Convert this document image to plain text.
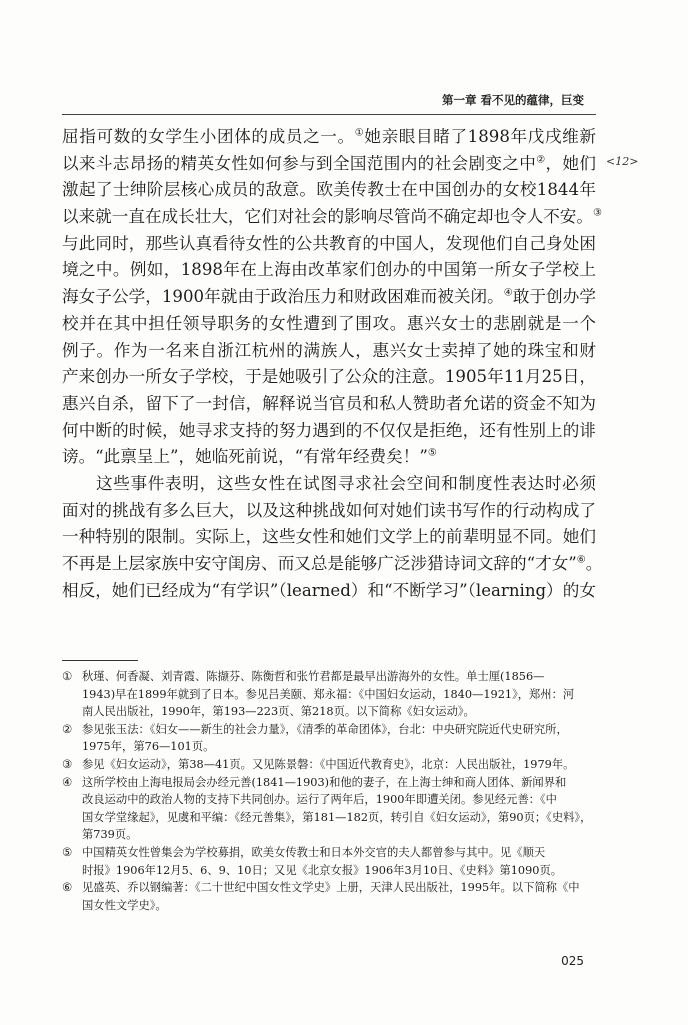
第一章 看不见的蕴律，巨变
<12>
屈指可数的女学生小团体的成员之一。①她亲眼目睹了1898年戊戌维新
以来斗志昂扬的精英女性如何参与到全国范围内的社会剧变之中②，她们
激起了士绅阶层核心成员的敌意。欧美传教士在中国创办的女校1844年
以来就一直在成长壮大，它们对社会的影响尽管尚不确定却也令人不安。③
与此同时，那些认真看待女性的公共教育的中国人，发现他们自己身处困
境之中。例如，1898年在上海由改革家们创办的中国第一所女子学校上
海女子公学，1900年就由于政治压力和财政困难而被关闭。④敢于创办学
校并在其中担任领导职务的女性遭到了围攻。惠兴女士的悲剧就是一个
例子。作为一名来自浙江杭州的满族人，惠兴女士卖掉了她的珠宝和财
产来创办一所女子学校，于是她吸引了公众的注意。1905年11月25日，
惠兴自杀，留下了一封信，解释说当官员和私人赞助者允诺的资金不知为
何中断的时候，她寻求支持的努力遇到的不仅仅是拒绝，还有性别上的诽
谤。“此禀呈上”，她临死前说，“有常年经费矣！”⑤
这些事件表明，这些女性在试图寻求社会空间和制度性表达时必须
面对的挑战有多么巨大，以及这种挑战如何对她们读书写作的行动构成了
一种特别的限制。实际上，这些女性和她们文学上的前辈明显不同。她们
不再是上层家族中安守闺房、而又总是能够广泛涉猎诗词文辞的“才女”⑥。
相反，她们已经成为“有学识”（learned）和“不断学习”（learning）的女
① 秋瑾、何香凝、刘青霞、陈撷芬、陈衡哲和张竹君都是最早出游海外的女性。单士厘(1856—
1943)早在1899年就到了日本。参见吕美颐、郑永福：《中国妇女运动，1840—1921》，郑州：河
南人民出版社，1990年，第193—223页、第218页。以下简称《妇女运动》。
② 参见张玉法：《妇女——新生的社会力量》，《清季的革命团体》，台北：中央研究院近代史研究所，
1975年，第76—101页。
③ 参见《妇女运动》，第38—41页。又见陈景磐：《中国近代教育史》，北京：人民出版社，1979年。
④ 这所学校由上海电报局会办经元善(1841—1903)和他的妻子，在上海士绅和商人团体、新闻界和
改良运动中的政治人物的支持下共同创办。运行了两年后，1900年即遭关闭。参见经元善：《中
国女学堂缘起》，见虞和平编：《经元善集》，第181—182页，转引自《妇女运动》，第90页；《史料》，
第739页。
⑤ 中国精英女性曾集会为学校募捐，欧美女传教士和日本外交官的夫人都曾参与其中。见《顺天
时报》1906年12月5、6、9、10日；又见《北京女报》1906年3月10日、《史料》第1090页。
⑥ 见盛英、乔以钢编著：《二十世纪中国女性文学史》上册，天津人民出版社，1995年。以下简称《中
国女性文学史》。
025
